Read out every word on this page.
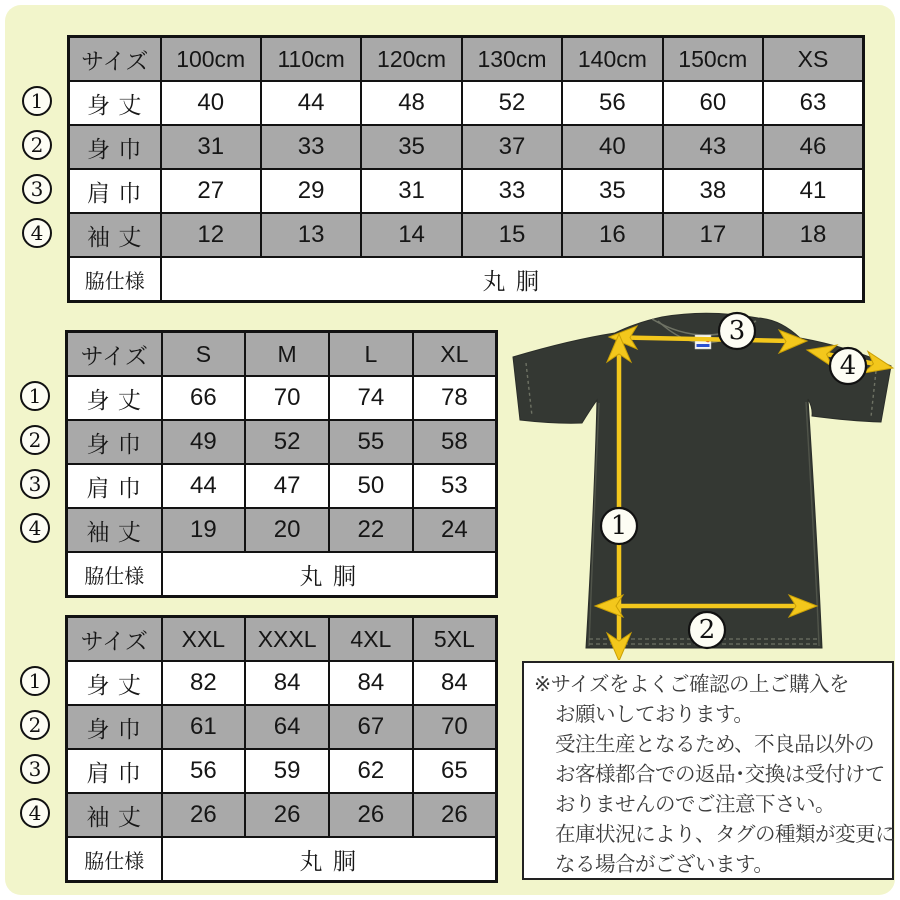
1
2
3
4
サイズ	100cm	110cm	120cm	130cm	140cm	150cm	XS
身 丈	40	44	48	52	56	60	63
身 巾	31	33	35	37	40	43	46
肩 巾	27	29	31	33	35	38	41
袖 丈	12	13	14	15	16	17	18
脇仕様	丸 胴						
1
2
3
4
サイズ	S	M	L	XL
身 丈	66	70	74	78
身 巾	49	52	55	58
肩 巾	44	47	50	53
袖 丈	19	20	22	24
脇仕様	丸 胴			
1
2
3
4
サイズ	XXL	XXXL	4XL	5XL
身 丈	82	84	84	84
身 巾	61	64	67	70
肩 巾	56	59	62	65
袖 丈	26	26	26	26
脇仕様	丸 胴			
3
4
1
2
※サイズをよくご確認の上ご購入を
お願いしております。
受注生産となるため、不良品以外の
お客様都合での返品･交換は受付けて
おりませんのでご注意下さい。
在庫状況により、タグの種類が変更に
なる場合がございます。
